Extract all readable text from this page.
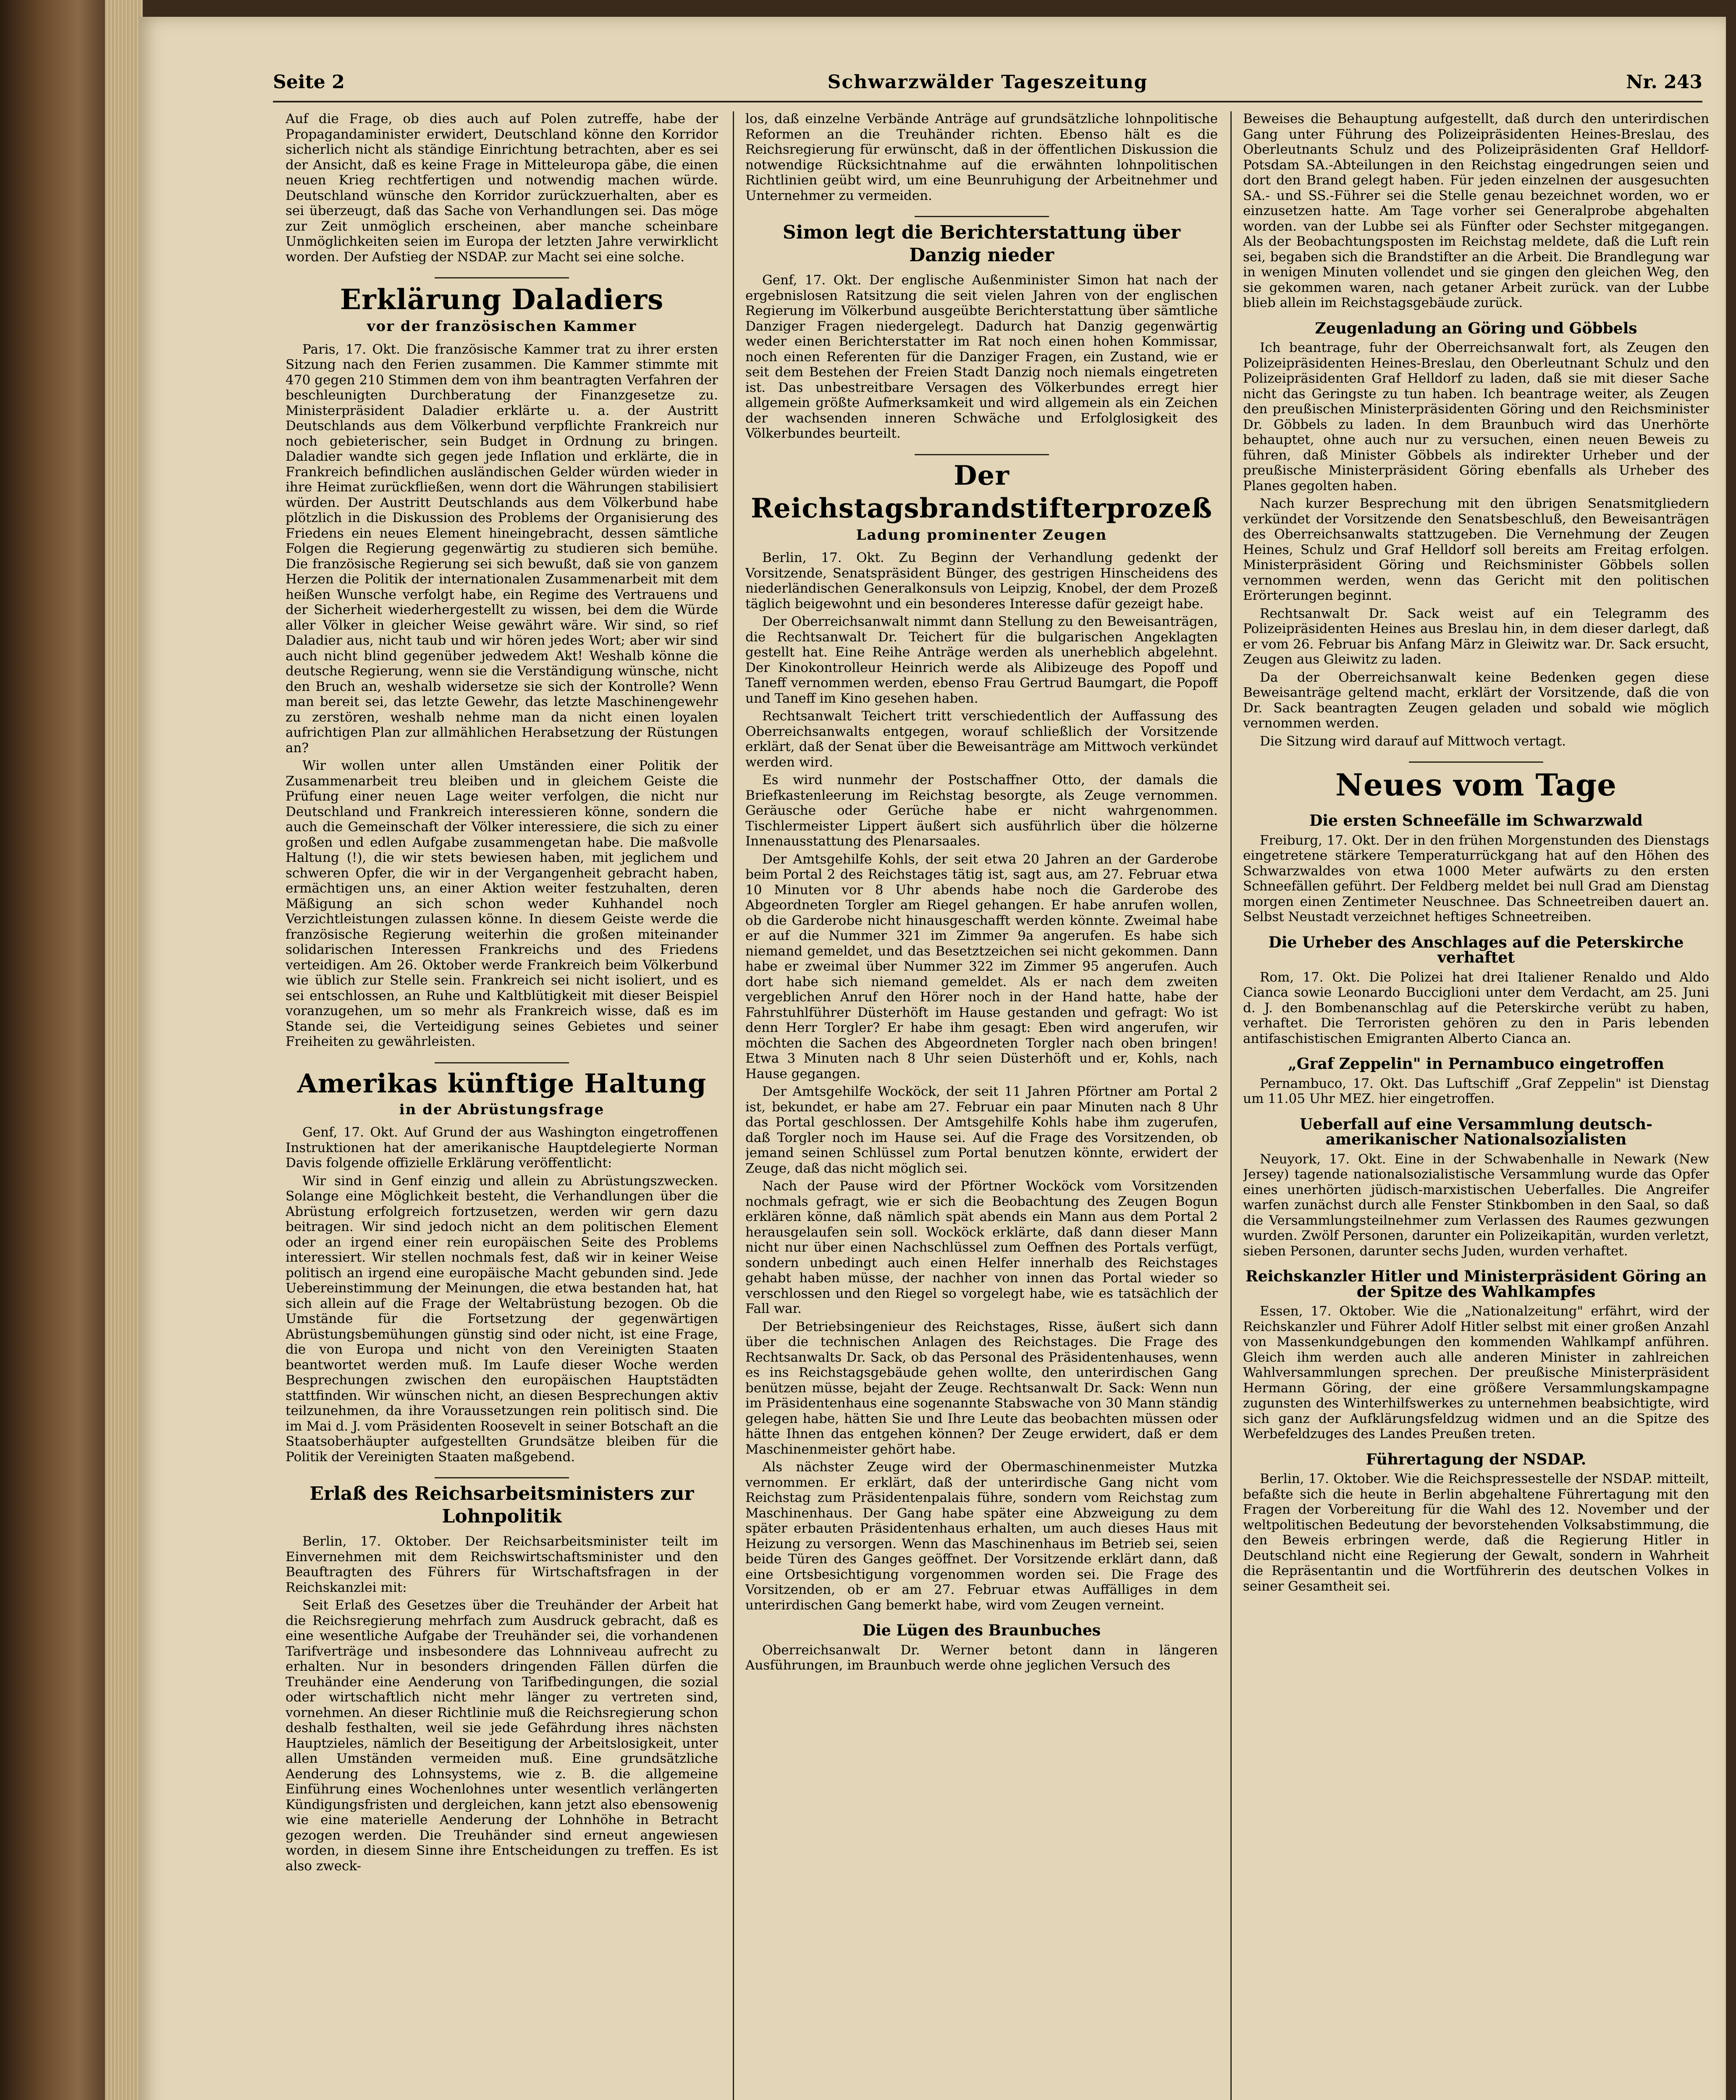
Seite 2	Schwarzwälder Tageszeitung	Nr. 243

Auf die Frage, ob dies auch auf Polen zutreffe, habe der Propagandaminister erwidert, Deutschland könne den Korridor sicherlich nicht als ständige Einrichtung betrachten, aber es sei der Ansicht, daß es keine Frage in Mitteleuropa gäbe, die einen neuen Krieg rechtfertigen und notwendig machen würde. Deutschland wünsche den Korridor zurückzuerhalten, aber es sei überzeugt, daß das Sache von Verhandlungen sei. Das möge zur Zeit unmöglich erscheinen, aber manche scheinbare Unmöglichkeiten seien im Europa der letzten Jahre verwirklicht worden. Der Aufstieg der NSDAP. zur Macht sei eine solche.

Erklärung Daladiers
vor der französischen Kammer

Paris, 17. Okt. Die französische Kammer trat zu ihrer ersten Sitzung nach den Ferien zusammen. Die Kammer stimmte mit 470 gegen 210 Stimmen dem von ihm beantragten Verfahren der beschleunigten Durchberatung der Finanzgesetze zu. Ministerpräsident Daladier erklärte u. a. der Austritt Deutschlands aus dem Völkerbund verpflichte Frankreich nur noch gebieterischer, sein Budget in Ordnung zu bringen. Daladier wandte sich gegen jede Inflation und erklärte, die in Frankreich befindlichen ausländischen Gelder würden wieder in ihre Heimat zurückfließen, wenn dort die Währungen stabilisiert würden. Der Austritt Deutschlands aus dem Völkerbund habe plötzlich in die Diskussion des Problems der Organisierung des Friedens ein neues Element hineingebracht, dessen sämtliche Folgen die Regierung gegenwärtig zu studieren sich bemühe. Die französische Regierung sei sich bewußt, daß sie von ganzem Herzen die Politik der internationalen Zusammenarbeit mit dem heißen Wunsche verfolgt habe, ein Regime des Vertrauens und der Sicherheit wiederhergestellt zu wissen, bei dem die Würde aller Völker in gleicher Weise gewährt wäre. Wir sind, so rief Daladier aus, nicht taub und wir hören jedes Wort; aber wir sind auch nicht blind gegenüber jedwedem Akt! Weshalb könne die deutsche Regierung, wenn sie die Verständigung wünsche, nicht den Bruch an, weshalb widersetze sie sich der Kontrolle? Wenn man bereit sei, das letzte Gewehr, das letzte Maschinengewehr zu zerstören, weshalb nehme man da nicht einen loyalen aufrichtigen Plan zur allmählichen Herabsetzung der Rüstungen an?

Wir wollen unter allen Umständen einer Politik der Zusammenarbeit treu bleiben und in gleichem Geiste die Prüfung einer neuen Lage weiter verfolgen, die nicht nur Deutschland und Frankreich interessieren könne, sondern die auch die Gemeinschaft der Völker interessiere, die sich zu einer großen und edlen Aufgabe zusammengetan habe. Die maßvolle Haltung (!), die wir stets bewiesen haben, mit jeglichem und schweren Opfer, die wir in der Vergangenheit gebracht haben, ermächtigen uns, an einer Aktion weiter festzuhalten, deren Mäßigung an sich schon weder Kuhhandel noch Verzichtleistungen zulassen könne. In diesem Geiste werde die französische Regierung weiterhin die großen miteinander solidarischen Interessen Frankreichs und des Friedens verteidigen. Am 26. Oktober werde Frankreich beim Völkerbund wie üblich zur Stelle sein. Frankreich sei nicht isoliert, und es sei entschlossen, an Ruhe und Kaltblütigkeit mit dieser Beispiel voranzugehen, um so mehr als Frankreich wisse, daß es im Stande sei, die Verteidigung seines Gebietes und seiner Freiheiten zu gewährleisten.

Amerikas künftige Haltung
in der Abrüstungsfrage

Genf, 17. Okt. Auf Grund der aus Washington eingetroffenen Instruktionen hat der amerikanische Hauptdelegierte Norman Davis folgende offizielle Erklärung veröffentlicht:

Wir sind in Genf einzig und allein zu Abrüstungszwecken. Solange eine Möglichkeit besteht, die Verhandlungen über die Abrüstung erfolgreich fortzusetzen, werden wir gern dazu beitragen. Wir sind jedoch nicht an dem politischen Element oder an irgend einer rein europäischen Seite des Problems interessiert. Wir stellen nochmals fest, daß wir in keiner Weise politisch an irgend eine europäische Macht gebunden sind. Jede Uebereinstimmung der Meinungen, die etwa bestanden hat, hat sich allein auf die Frage der Weltabrüstung bezogen. Ob die Umstände für die Fortsetzung der gegenwärtigen Abrüstungsbemühungen günstig sind oder nicht, ist eine Frage, die von Europa und nicht von den Vereinigten Staaten beantwortet werden muß. Im Laufe dieser Woche werden Besprechungen zwischen den europäischen Hauptstädten stattfinden. Wir wünschen nicht, an diesen Besprechungen aktiv teilzunehmen, da ihre Voraussetzungen rein politisch sind. Die im Mai d. J. vom Präsidenten Roosevelt in seiner Botschaft an die Staatsoberhäupter aufgestellten Grundsätze bleiben für die Politik der Vereinigten Staaten maßgebend.

Erlaß des Reichsarbeitsministers zur Lohnpolitik

Berlin, 17. Oktober. Der Reichsarbeitsminister teilt im Einvernehmen mit dem Reichswirtschaftsminister und den Beauftragten des Führers für Wirtschaftsfragen in der Reichskanzlei mit:

Seit Erlaß des Gesetzes über die Treuhänder der Arbeit hat die Reichsregierung mehrfach zum Ausdruck gebracht, daß es eine wesentliche Aufgabe der Treuhänder sei, die vorhandenen Tarifverträge und insbesondere das Lohnniveau aufrecht zu erhalten. Nur in besonders dringenden Fällen dürfen die Treuhänder eine Aenderung von Tarifbedingungen, die sozial oder wirtschaftlich nicht mehr länger zu vertreten sind, vornehmen. An dieser Richtlinie muß die Reichsregierung schon deshalb festhalten, weil sie jede Gefährdung ihres nächsten Hauptzieles, nämlich der Beseitigung der Arbeitslosigkeit, unter allen Umständen vermeiden muß. Eine grundsätzliche Aenderung des Lohnsystems, wie z. B. die allgemeine Einführung eines Wochenlohnes unter wesentlich verlängerten Kündigungsfristen und dergleichen, kann jetzt also ebensowenig wie eine materielle Aenderung der Lohnhöhe in Betracht gezogen werden. Die Treuhänder sind erneut angewiesen worden, in diesem Sinne ihre Entscheidungen zu treffen. Es ist also zweck-

los, daß einzelne Verbände Anträge auf grundsätzliche lohnpolitische Reformen an die Treuhänder richten. Ebenso hält es die Reichsregierung für erwünscht, daß in der öffentlichen Diskussion die notwendige Rücksichtnahme auf die erwähnten lohnpolitischen Richtlinien geübt wird, um eine Beunruhigung der Arbeitnehmer und Unternehmer zu vermeiden.

Simon legt die Berichterstattung über Danzig nieder

Genf, 17. Okt. Der englische Außenminister Simon hat nach der ergebnislosen Ratsitzung die seit vielen Jahren von der englischen Regierung im Völkerbund ausgeübte Berichterstattung über sämtliche Danziger Fragen niedergelegt. Dadurch hat Danzig gegenwärtig weder einen Berichterstatter im Rat noch einen hohen Kommissar, noch einen Referenten für die Danziger Fragen, ein Zustand, wie er seit dem Bestehen der Freien Stadt Danzig noch niemals eingetreten ist. Das unbestreitbare Versagen des Völkerbundes erregt hier allgemein größte Aufmerksamkeit und wird allgemein als ein Zeichen der wachsenden inneren Schwäche und Erfolglosigkeit des Völkerbundes beurteilt.

Der Reichstagsbrandstifterprozeß
Ladung prominenter Zeugen

Berlin, 17. Okt. Zu Beginn der Verhandlung gedenkt der Vorsitzende, Senatspräsident Bünger, des gestrigen Hinscheidens des niederländischen Generalkonsuls von Leipzig, Knobel, der dem Prozeß täglich beigewohnt und ein besonderes Interesse dafür gezeigt habe.

Der Oberreichsanwalt nimmt dann Stellung zu den Beweisanträgen, die Rechtsanwalt Dr. Teichert für die bulgarischen Angeklagten gestellt hat. Eine Reihe Anträge werden als unerheblich abgelehnt. Der Kinokontrolleur Heinrich werde als Alibizeuge des Popoff und Taneff vernommen werden, ebenso Frau Gertrud Baumgart, die Popoff und Taneff im Kino gesehen haben.

Rechtsanwalt Teichert tritt verschiedentlich der Auffassung des Oberreichsanwalts entgegen, worauf schließlich der Vorsitzende erklärt, daß der Senat über die Beweisanträge am Mittwoch verkündet werden wird.

Es wird nunmehr der Postschaffner Otto, der damals die Briefkastenleerung im Reichstag besorgte, als Zeuge vernommen. Geräusche oder Gerüche habe er nicht wahrgenommen. Tischlermeister Lippert äußert sich ausführlich über die hölzerne Innenausstattung des Plenarsaales.

Der Amtsgehilfe Kohls, der seit etwa 20 Jahren an der Garderobe beim Portal 2 des Reichstages tätig ist, sagt aus, am 27. Februar etwa 10 Minuten vor 8 Uhr abends habe noch die Garderobe des Abgeordneten Torgler am Riegel gehangen. Er habe anrufen wollen, ob die Garderobe nicht hinausgeschafft werden könnte. Zweimal habe er auf die Nummer 321 im Zimmer 9a angerufen. Es habe sich niemand gemeldet, und das Besetztzeichen sei nicht gekommen. Dann habe er zweimal über Nummer 322 im Zimmer 95 angerufen. Auch dort habe sich niemand gemeldet. Als er nach dem zweiten vergeblichen Anruf den Hörer noch in der Hand hatte, habe der Fahrstuhlführer Düsterhöft im Hause gestanden und gefragt: Wo ist denn Herr Torgler? Er habe ihm gesagt: Eben wird angerufen, wir möchten die Sachen des Abgeordneten Torgler nach oben bringen! Etwa 3 Minuten nach 8 Uhr seien Düsterhöft und er, Kohls, nach Hause gegangen.

Der Amtsgehilfe Wocköck, der seit 11 Jahren Pförtner am Portal 2 ist, bekundet, er habe am 27. Februar ein paar Minuten nach 8 Uhr das Portal geschlossen. Der Amtsgehilfe Kohls habe ihm zugerufen, daß Torgler noch im Hause sei. Auf die Frage des Vorsitzenden, ob jemand seinen Schlüssel zum Portal benutzen könnte, erwidert der Zeuge, daß das nicht möglich sei.

Nach der Pause wird der Pförtner Wocköck vom Vorsitzenden nochmals gefragt, wie er sich die Beobachtung des Zeugen Bogun erklären könne, daß nämlich spät abends ein Mann aus dem Portal 2 herausgelaufen sein soll. Wocköck erklärte, daß dann dieser Mann nicht nur über einen Nachschlüssel zum Oeffnen des Portals verfügt, sondern unbedingt auch einen Helfer innerhalb des Reichstages gehabt haben müsse, der nachher von innen das Portal wieder so verschlossen und den Riegel so vorgelegt habe, wie es tatsächlich der Fall war.

Der Betriebsingenieur des Reichstages, Risse, äußert sich dann über die technischen Anlagen des Reichstages. Die Frage des Rechtsanwalts Dr. Sack, ob das Personal des Präsidentenhauses, wenn es ins Reichstagsgebäude gehen wollte, den unterirdischen Gang benützen müsse, bejaht der Zeuge. Rechtsanwalt Dr. Sack: Wenn nun im Präsidentenhaus eine sogenannte Stabswache von 30 Mann ständig gelegen habe, hätten Sie und Ihre Leute das beobachten müssen oder hätte Ihnen das entgehen können? Der Zeuge erwidert, daß er dem Maschinenmeister gehört habe.

Als nächster Zeuge wird der Obermaschinenmeister Mutzka vernommen. Er erklärt, daß der unterirdische Gang nicht vom Reichstag zum Präsidentenpalais führe, sondern vom Reichstag zum Maschinenhaus. Der Gang habe später eine Abzweigung zu dem später erbauten Präsidentenhaus erhalten, um auch dieses Haus mit Heizung zu versorgen. Wenn das Maschinenhaus im Betrieb sei, seien beide Türen des Ganges geöffnet. Der Vorsitzende erklärt dann, daß eine Ortsbesichtigung vorgenommen worden sei. Die Frage des Vorsitzenden, ob er am 27. Februar etwas Auffälliges in dem unterirdischen Gang bemerkt habe, wird vom Zeugen verneint.

Die Lügen des Braunbuches

Oberreichsanwalt Dr. Werner betont dann in längeren Ausführungen, im Braunbuch werde ohne jeglichen Versuch des

Beweises die Behauptung aufgestellt, daß durch den unterirdischen Gang unter Führung des Polizeipräsidenten Heines-Breslau, des Oberleutnants Schulz und des Polizeipräsidenten Graf Helldorf-Potsdam SA.-Abteilungen in den Reichstag eingedrungen seien und dort den Brand gelegt haben. Für jeden einzelnen der ausgesuchten SA.- und SS.-Führer sei die Stelle genau bezeichnet worden, wo er einzusetzen hatte. Am Tage vorher sei Generalprobe abgehalten worden. van der Lubbe sei als Fünfter oder Sechster mitgegangen. Als der Beobachtungsposten im Reichstag meldete, daß die Luft rein sei, begaben sich die Brandstifter an die Arbeit. Die Brandlegung war in wenigen Minuten vollendet und sie gingen den gleichen Weg, den sie gekommen waren, nach getaner Arbeit zurück. van der Lubbe blieb allein im Reichstagsgebäude zurück.

Zeugenladung an Göring und Göbbels

Ich beantrage, fuhr der Oberreichsanwalt fort, als Zeugen den Polizeipräsidenten Heines-Breslau, den Oberleutnant Schulz und den Polizeipräsidenten Graf Helldorf zu laden, daß sie mit dieser Sache nicht das Geringste zu tun haben. Ich beantrage weiter, als Zeugen den preußischen Ministerpräsidenten Göring und den Reichsminister Dr. Göbbels zu laden. In dem Braunbuch wird das Unerhörte behauptet, ohne auch nur zu versuchen, einen neuen Beweis zu führen, daß Minister Göbbels als indirekter Urheber und der preußische Ministerpräsident Göring ebenfalls als Urheber des Planes gegolten haben.

Nach kurzer Besprechung mit den übrigen Senatsmitgliedern verkündet der Vorsitzende den Senatsbeschluß, den Beweisanträgen des Oberreichsanwalts stattzugeben. Die Vernehmung der Zeugen Heines, Schulz und Graf Helldorf soll bereits am Freitag erfolgen. Ministerpräsident Göring und Reichsminister Göbbels sollen vernommen werden, wenn das Gericht mit den politischen Erörterungen beginnt.

Rechtsanwalt Dr. Sack weist auf ein Telegramm des Polizeipräsidenten Heines aus Breslau hin, in dem dieser darlegt, daß er vom 26. Februar bis Anfang März in Gleiwitz war. Dr. Sack ersucht, Zeugen aus Gleiwitz zu laden.

Da der Oberreichsanwalt keine Bedenken gegen diese Beweisanträge geltend macht, erklärt der Vorsitzende, daß die von Dr. Sack beantragten Zeugen geladen und sobald wie möglich vernommen werden.

Die Sitzung wird darauf auf Mittwoch vertagt.

Neues vom Tage
Die ersten Schneefälle im Schwarzwald

Freiburg, 17. Okt. Der in den frühen Morgenstunden des Dienstags eingetretene stärkere Temperaturrückgang hat auf den Höhen des Schwarzwaldes von etwa 1000 Meter aufwärts zu den ersten Schneefällen geführt. Der Feldberg meldet bei null Grad am Dienstag morgen einen Zentimeter Neuschnee. Das Schneetreiben dauert an. Selbst Neustadt verzeichnet heftiges Schneetreiben.

Die Urheber des Anschlages auf die Peterskirche verhaftet

Rom, 17. Okt. Die Polizei hat drei Italiener Renaldo und Aldo Cianca sowie Leonardo Bucciglioni unter dem Verdacht, am 25. Juni d. J. den Bombenanschlag auf die Peterskirche verübt zu haben, verhaftet. Die Terroristen gehören zu den in Paris lebenden antifaschistischen Emigranten Alberto Cianca an.

„Graf Zeppelin" in Pernambuco eingetroffen

Pernambuco, 17. Okt. Das Luftschiff „Graf Zeppelin" ist Dienstag um 11.05 Uhr MEZ. hier eingetroffen.

Ueberfall auf eine Versammlung deutsch-amerikanischer Nationalsozialisten

Neuyork, 17. Okt. Eine in der Schwabenhalle in Newark (New Jersey) tagende nationalsozialistische Versammlung wurde das Opfer eines unerhörten jüdisch-marxistischen Ueberfalles. Die Angreifer warfen zunächst durch alle Fenster Stinkbomben in den Saal, so daß die Versammlungsteilnehmer zum Verlassen des Raumes gezwungen wurden. Zwölf Personen, darunter ein Polizeikapitän, wurden verletzt, sieben Personen, darunter sechs Juden, wurden verhaftet.

Reichskanzler Hitler und Ministerpräsident Göring an der Spitze des Wahlkampfes

Essen, 17. Oktober. Wie die „Nationalzeitung" erfährt, wird der Reichskanzler und Führer Adolf Hitler selbst mit einer großen Anzahl von Massenkundgebungen den kommenden Wahlkampf anführen. Gleich ihm werden auch alle anderen Minister in zahlreichen Wahlversammlungen sprechen. Der preußische Ministerpräsident Hermann Göring, der eine größere Versammlungskampagne zugunsten des Winterhilfswerkes zu unternehmen beabsichtigte, wird sich ganz der Aufklärungsfeldzug widmen und an die Spitze des Werbefeldzuges des Landes Preußen treten.

Führertagung der NSDAP.

Berlin, 17. Oktober. Wie die Reichspressestelle der NSDAP. mitteilt, befaßte sich die heute in Berlin abgehaltene Führertagung mit den Fragen der Vorbereitung für die Wahl des 12. November und der weltpolitischen Bedeutung der bevorstehenden Volksabstimmung, die den Beweis erbringen werde, daß die Regierung Hitler in Deutschland nicht eine Regierung der Gewalt, sondern in Wahrheit die Repräsentantin und die Wortführerin des deutschen Volkes in seiner Gesamtheit sei.
